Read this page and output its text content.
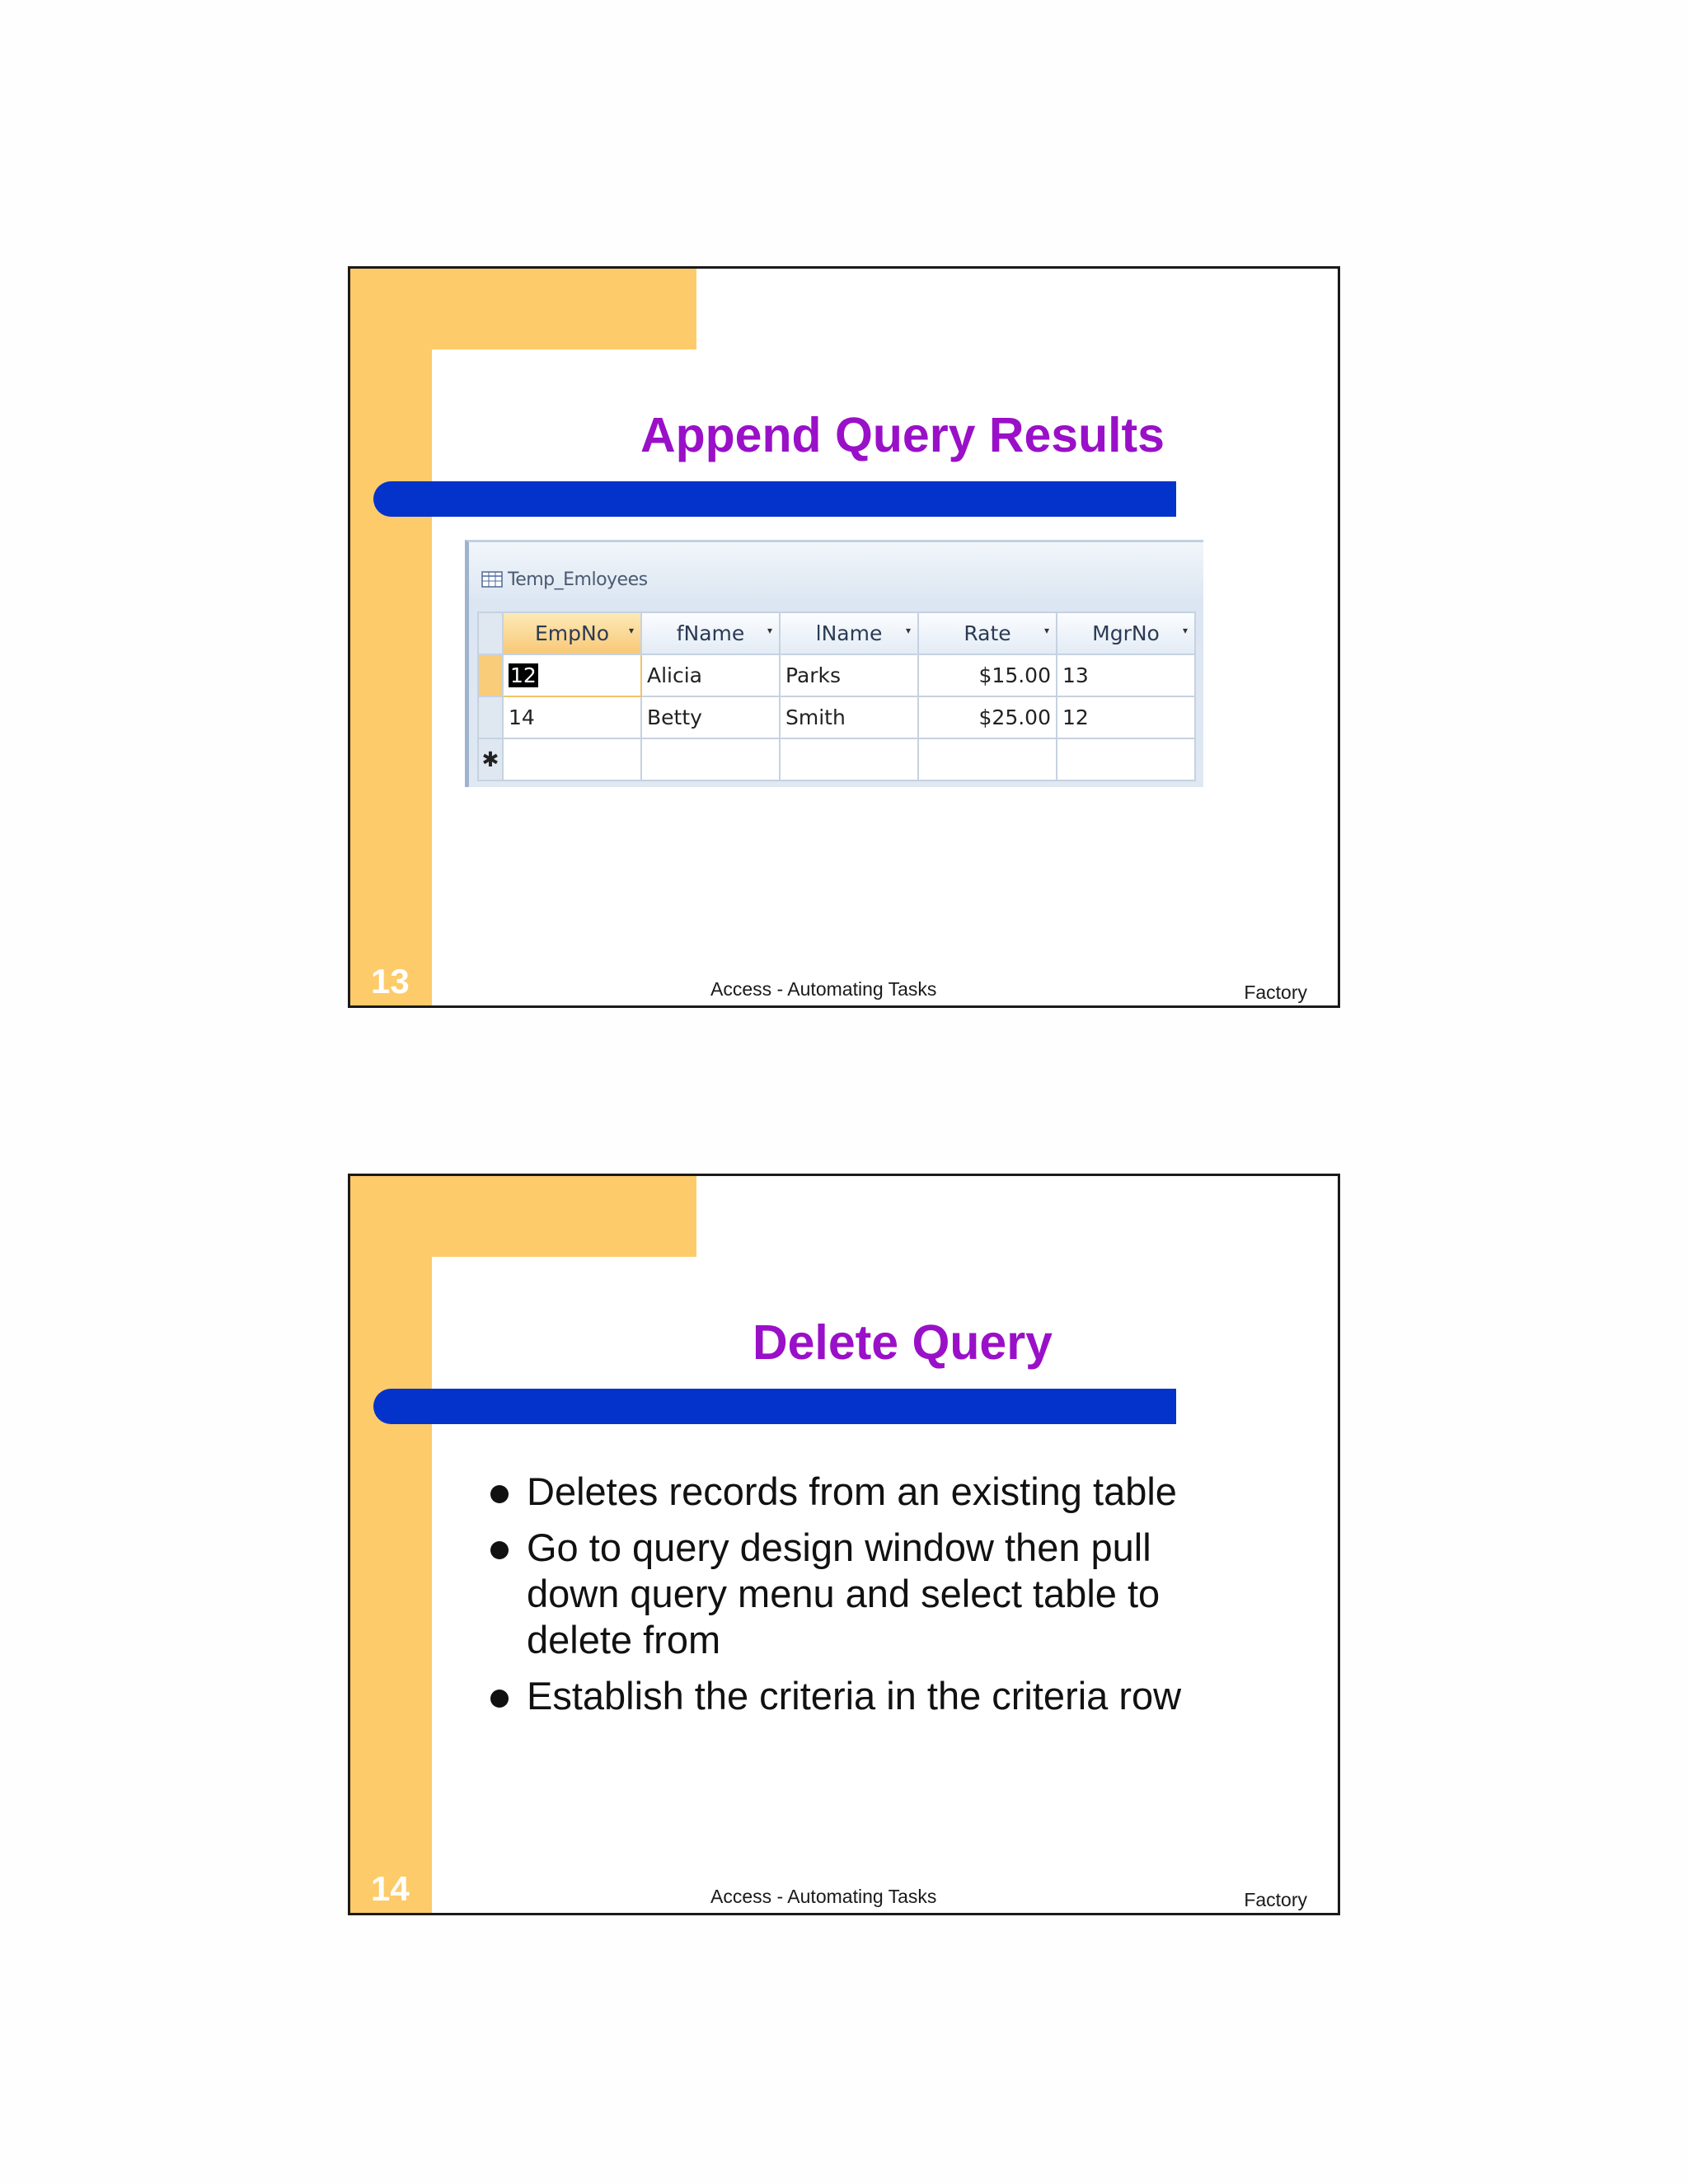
Append Query Results
Temp_Emloyees
	EmpNo ▾	fName ▾	lName ▾	Rate ▾	MgrNo ▾

	12	Alicia	Parks	$15.00	13
	14	Betty	Smith	$25.00	12
✱					
13	Access - Automating Tasks	Factory
Delete Query
Deletes records from an existing table
Go to query design window then pull down query menu and select table to delete from
Establish the criteria in the criteria row
14	Access - Automating Tasks	Factory
